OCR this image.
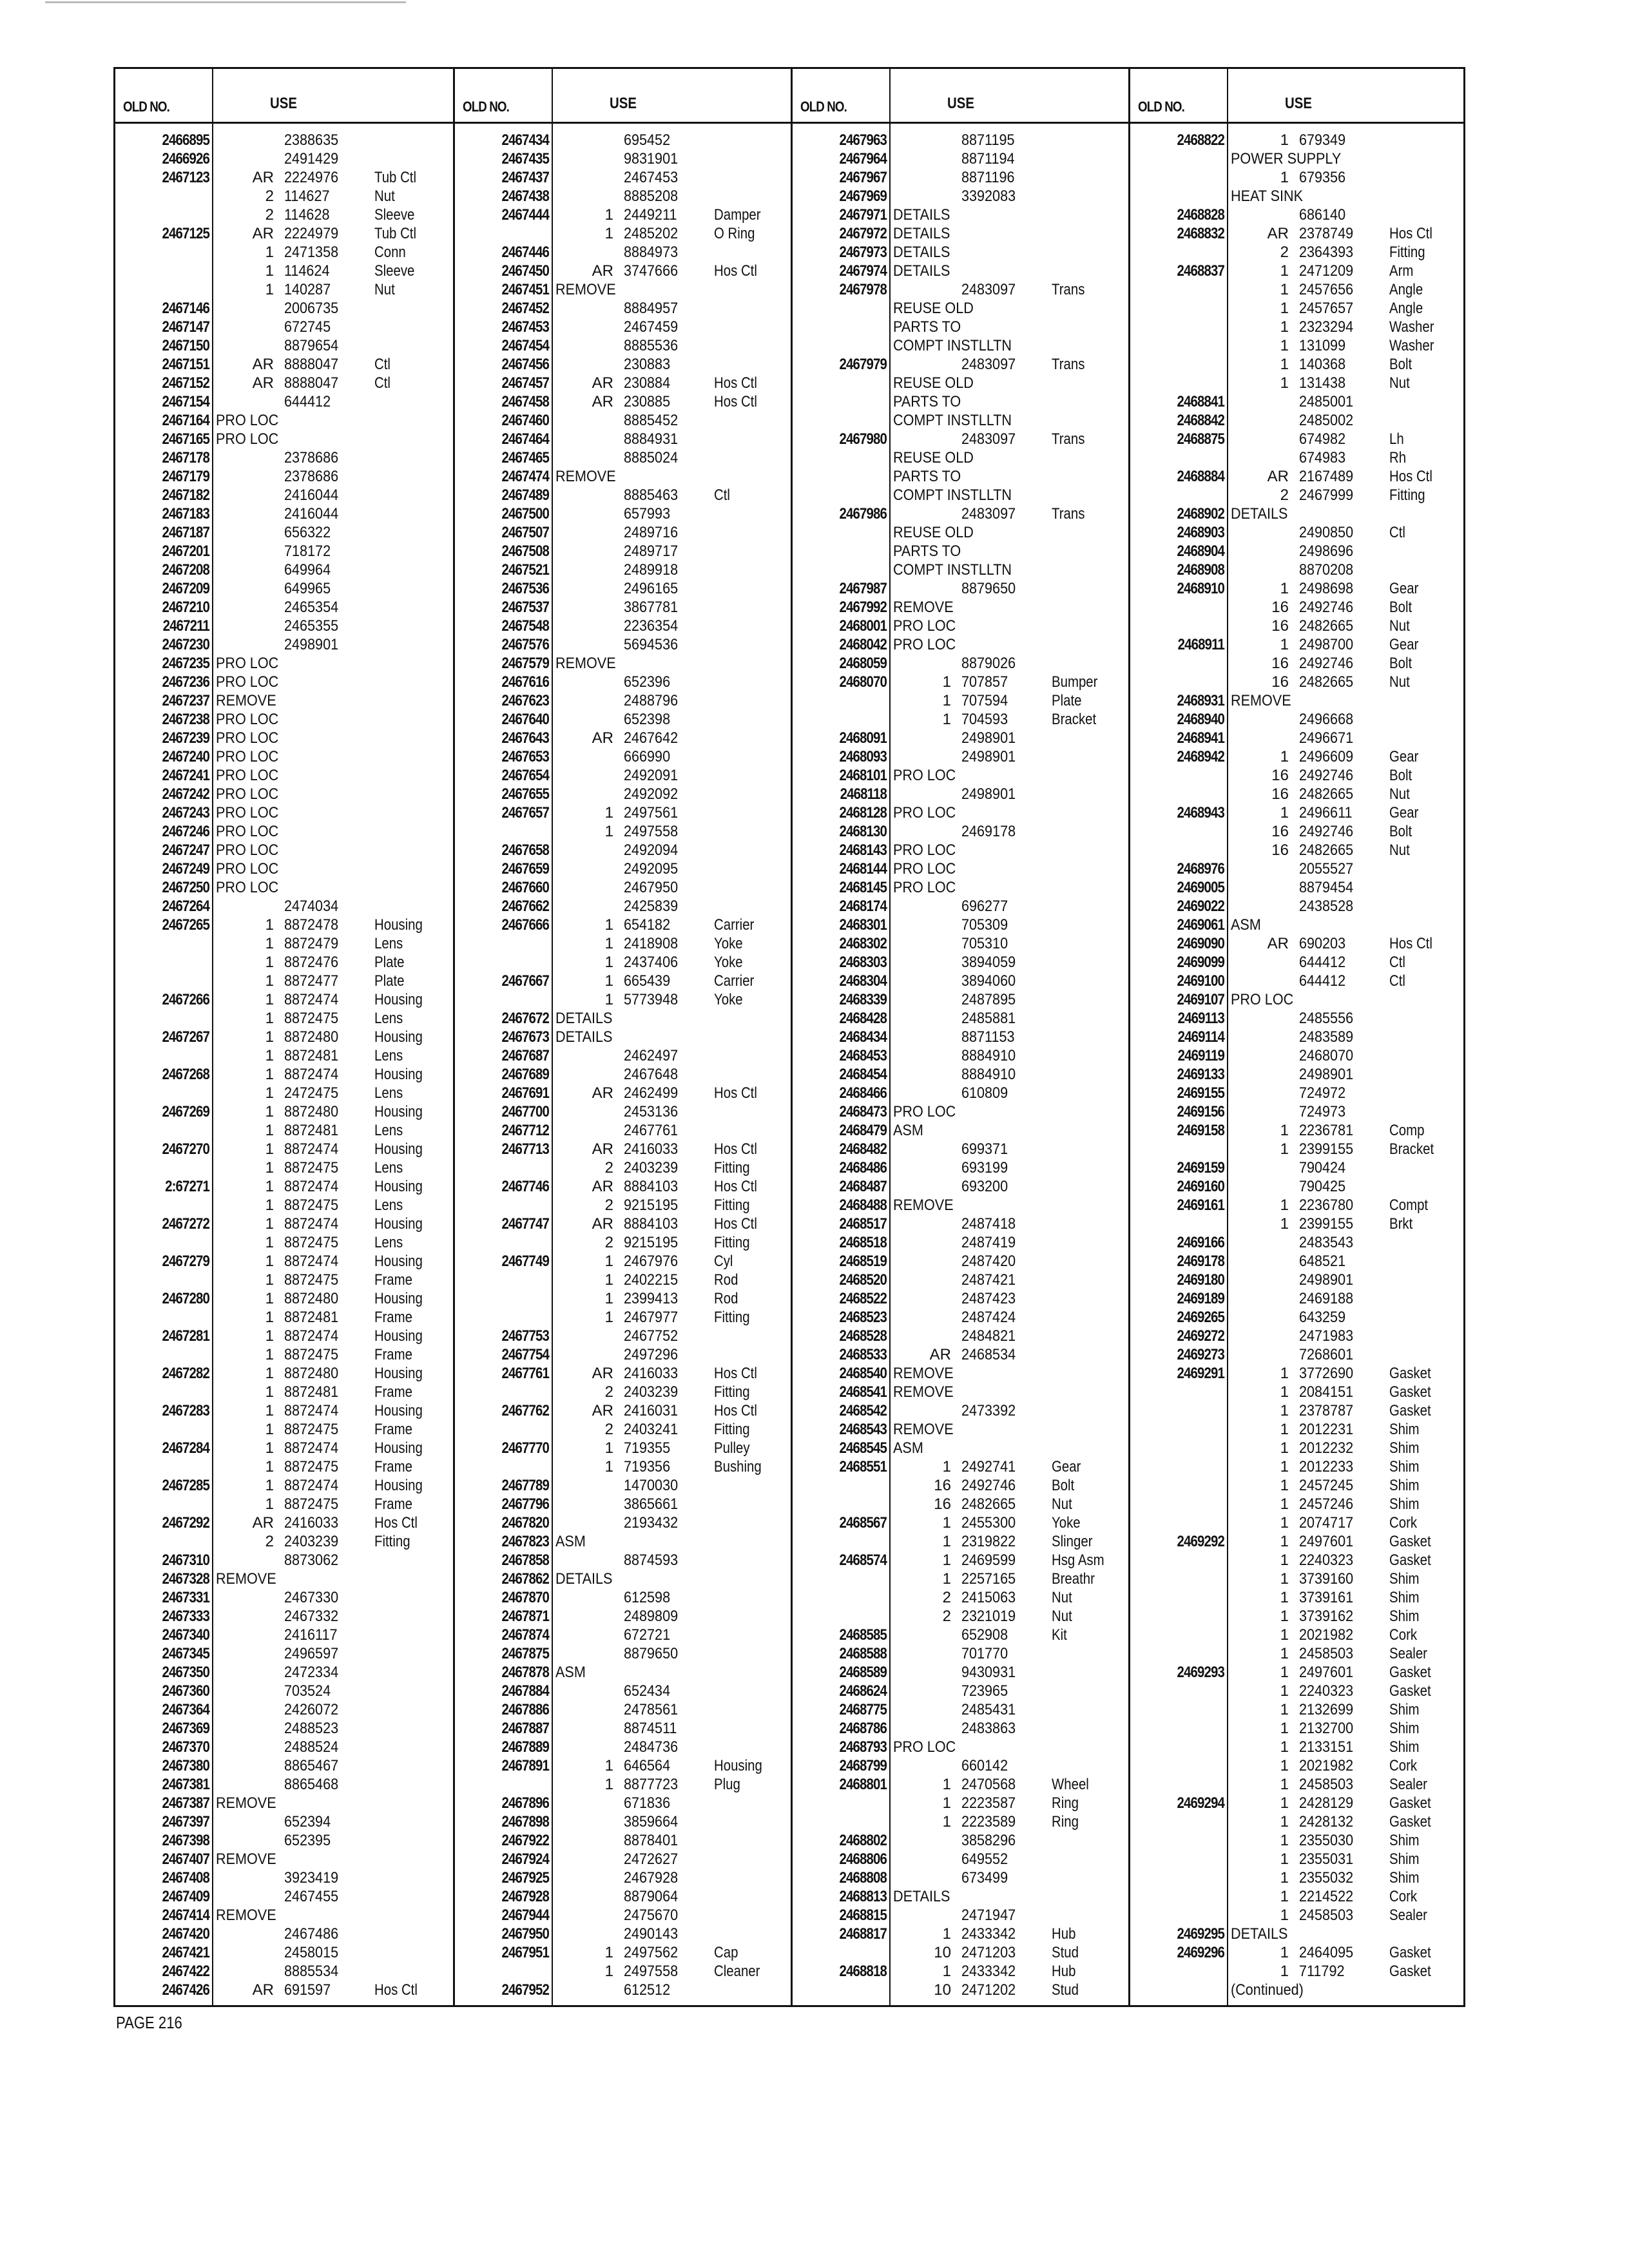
OLD NO.	USE
2466895	2388635
2466926	2491429
2467123	AR 2224976 Tub Ctl
2 114627	Nut
2 114628	Sleeve
2467125	AR 2224979 Tub Ctl
1 2471358 Conn
1 114624	Sleeve
1 140287	Nut
2467146	2006735
2467147	672745
2467150	8879654
2467151	AR 8888047 Ctl
2467152	AR 8888047 Ctl
2467154	644412
2467164 PRO LOC
2467165 PRO LOC
2467178	2378686
2467179	2378686
2467182	2416044
2467183	2416044
2467187	656322
2467201	718172
2467208	649964
2467209	649965
2467210	2465354
2467211	2465355
2467230	2498901
2467235 PRO LOC
2467236 PRO LOC
2467237 REMOVE
2467238 PRO LOC
2467239 PRO LOC
2467240 PRO LOC
2467241 PRO LOC
2467242 PRO LOC
2467243 PRO LOC
2467246 PRO LOC
2467247 PRO LOC
2467249 PRO LOC
2467250 PRO LOC
2467264	2474034
2467265	1 8872478 Housing
1 8872479 Lens
1 8872476 Plate
1 8872477 Plate
2467266	1 8872474 Housing
1 8872475 Lens
2467267	1 8872480 Housing
1 8872481 Lens
2467268	1 8872474 Housing
1 2472475 Lens
2467269	1 8872480 Housing
1 8872481 Lens
2467270	1 8872474 Housing
1 8872475 Lens
2:67271	1 8872474 Housing
1 8872475 Lens
2467272	1 8872474 Housing
1 8872475 Lens
2467279	1 8872474 Housing
1 8872475 Frame
2467280	1 8872480 Housing
1 8872481 Frame
2467281	1 8872474 Housing
1 8872475 Frame
2467282	1 8872480 Housing
1 8872481 Frame
2467283	1 8872474 Housing
1 8872475 Frame
2467284	1 8872474 Housing
1 8872475 Frame
2467285	1 8872474 Housing
1 8872475 Frame
2467292	AR 2416033 Hos Ctl
2 2403239 Fitting
2467310	8873062
2467328 REMOVE
2467331	2467330
2467333	2467332
2467340	2416117
2467345	2496597
2467350	2472334
2467360	703524
2467364	2426072
2467369	2488523
2467370	2488524
2467380	8865467
2467381	8865468
2467387 REMOVE
2467397	652394
2467398	652395
2467407 REMOVE
2467408	3923419
2467409	2467455
2467414 REMOVE
2467420	2467486
2467421	2458015
2467422	8885534
2467426	AR 691597	Hos Ctl
OLD NO.	USE
2467434	695452
2467435	9831901
2467437	2467453
2467438	8885208
2467444	1 2449211 Damper
1 2485202 O Ring
2467446	8884973
2467450	AR 3747666 Hos Ctl
2467451 REMOVE
2467452	8884957
2467453	2467459
2467454	8885536
2467456	230883
2467457	AR 230884	Hos Ctl
2467458	AR 230885	Hos Ctl
2467460	8885452
2467464	8884931
2467465	8885024
2467474 REMOVE
2467489	8885463 Ctl
2467500	657993
2467507	2489716
2467508	2489717
2467521	2489918
2467536	2496165
2467537	3867781
2467548	2236354
2467576	5694536
2467579 REMOVE
2467616	652396
2467623	2488796
2467640	652398
2467643	AR 2467642
2467653	666990
2467654	2492091
2467655	2492092
2467657	1 2497561
1 2497558
2467658	2492094
2467659	2492095
2467660	2467950
2467662	2425839
2467666	1 654182	Carrier
1 2418908 Yoke
1 2437406 Yoke
2467667	1 665439	Carrier
1 5773948 Yoke
2467672 DETAILS
2467673 DETAILS
2467687	2462497
2467689	2467648
2467691	AR 2462499 Hos Ctl
2467700	2453136
2467712	2467761
2467713	AR 2416033 Hos Ctl
2 2403239 Fitting
2467746	AR 8884103 Hos Ctl
2 9215195 Fitting
2467747	AR 8884103 Hos Ctl
2 9215195 Fitting
2467749	1 2467976 Cyl
1 2402215 Rod
1 2399413 Rod
1 2467977 Fitting
2467753	2467752
2467754	2497296
2467761	AR 2416033 Hos Ctl
2 2403239 Fitting
2467762	AR 2416031 Hos Ctl
2 2403241 Fitting
2467770	1 719355	Pulley
1 719356	Bushing
2467789	1470030
2467796	3865661
2467820	2193432
2467823 ASM
2467858	8874593
2467862 DETAILS
2467870	612598
2467871	2489809
2467874	672721
2467875	8879650
2467878 ASM
2467884	652434
2467886	2478561
2467887	8874511
2467889	2484736
2467891	1 646564	Housing
1 8877723 Plug
2467896	671836
2467898	3859664
2467922	8878401
2467924	2472627
2467925	2467928
2467928	8879064
2467944	2475670
2467950	2490143
2467951	1 2497562 Cap
1 2497558 Cleaner
2467952	612512
OLD NO.	USE
2467963	8871195
2467964	8871194
2467967	8871196
2467969	3392083
2467971 DETAILS
2467972 DETAILS
2467973 DETAILS
2467974 DETAILS
2467978	2483097 Trans
REUSE OLD
PARTS TO
COMPT INSTLLTN
2467979	2483097 Trans
REUSE OLD
PARTS TO
COMPT INSTLLTN
2467980	2483097 Trans
REUSE OLD
PARTS TO
COMPT INSTLLTN
2467986	2483097 Trans
REUSE OLD
PARTS TO
COMPT INSTLLTN
2467987	8879650
2467992 REMOVE
2468001 PRO LOC
2468042 PRO LOC
2468059	8879026
2468070	1 707857	Bumper
1 707594	Plate
1 704593	Bracket
2468091	2498901
2468093	2498901
2468101 PRO LOC
2468118	2498901
2468128 PRO LOC
2468130	2469178
2468143 PRO LOC
2468144 PRO LOC
2468145 PRO LOC
2468174	696277
2468301	705309
2468302	705310
2468303	3894059
2468304	3894060
2468339	2487895
2468428	2485881
2468434	8871153
2468453	8884910
2468454	8884910
2468466	610809
2468473 PRO LOC
2468479 ASM
2468482	699371
2468486	693199
2468487	693200
2468488 REMOVE
2468517	2487418
2468518	2487419
2468519	2487420
2468520	2487421
2468522	2487423
2468523	2487424
2468528	2484821
2468533	AR 2468534
2468540 REMOVE
2468541 REMOVE
2468542	2473392
2468543 REMOVE
2468545 ASM
2468551	1 2492741 Gear
16 2492746 Bolt
16 2482665 Nut
2468567	1 2455300 Yoke
1 2319822 Slinger
2468574	1 2469599 Hsg Asm
1 2257165 Breathr
2 2415063 Nut
2 2321019 Nut
2468585	652908	Kit
2468588	701770
2468589	9430931
2468624	723965
2468775	2485431
2468786	2483863
2468793 PRO LOC
2468799	660142
2468801	1 2470568 Wheel
1 2223587 Ring
1 2223589 Ring
2468802	3858296
2468806	649552
2468808	673499
2468813 DETAILS
2468815	2471947
2468817	1 2433342 Hub
10 2471203 Stud
2468818	1 2433342 Hub
10 2471202 Stud
OLD NO.	USE
2468822	1 679349
POWER SUPPLY
1 679356
HEAT SINK
2468828	686140
2468832	AR 2378749 Hos Ctl
2 2364393 Fitting
2468837	1 2471209 Arm
1 2457656 Angle
1 2457657 Angle
1 2323294 Washer
1 131099	Washer
1 140368	Bolt
1 131438	Nut
2468841	2485001
2468842	2485002
2468875	674982	Lh
674983	Rh
2468884	AR 2167489 Hos Ctl
2 2467999 Fitting
2468902 DETAILS
2468903	2490850 Ctl
2468904	2498696
2468908	8870208
2468910	1 2498698 Gear
16 2492746 Bolt
16 2482665 Nut
2468911	1 2498700 Gear
16 2492746 Bolt
16 2482665 Nut
2468931 REMOVE
2468940	2496668
2468941	2496671
2468942	1 2496609 Gear
16 2492746 Bolt
16 2482665 Nut
2468943	1 2496611 Gear
16 2492746 Bolt
16 2482665 Nut
2468976	2055527
2469005	8879454
2469022	2438528
2469061 ASM
2469090	AR 690203	Hos Ctl
2469099	644412	Ctl
2469100	644412	Ctl
2469107 PRO LOC
2469113	2485556
2469114	2483589
2469119	2468070
2469133	2498901
2469155	724972
2469156	724973
2469158	1 2236781 Comp
1 2399155 Bracket
2469159	790424
2469160	790425
2469161	1 2236780 Compt
1 2399155 Brkt
2469166	2483543
2469178	648521
2469180	2498901
2469189	2469188
2469265	643259
2469272	2471983
2469273	7268601
2469291	1 3772690 Gasket
1 2084151 Gasket
1 2378787 Gasket
1 2012231 Shim
1 2012232 Shim
1 2012233 Shim
1 2457245 Shim
1 2457246 Shim
1 2074717 Cork
2469292	1 2497601 Gasket
1 2240323 Gasket
1 3739160 Shim
1 3739161 Shim
1 3739162 Shim
1 2021982 Cork
1 2458503 Sealer
2469293	1 2497601 Gasket
1 2240323 Gasket
1 2132699 Shim
1 2132700 Shim
1 2133151 Shim
1 2021982 Cork
1 2458503 Sealer
2469294	1 2428129 Gasket
1 2428132 Gasket
1 2355030 Shim
1 2355031 Shim
1 2355032 Shim
1 2214522 Cork
1 2458503 Sealer
2469295 DETAILS
2469296	1 2464095 Gasket
1 711792	Gasket
(Continued)
PAGE 216
